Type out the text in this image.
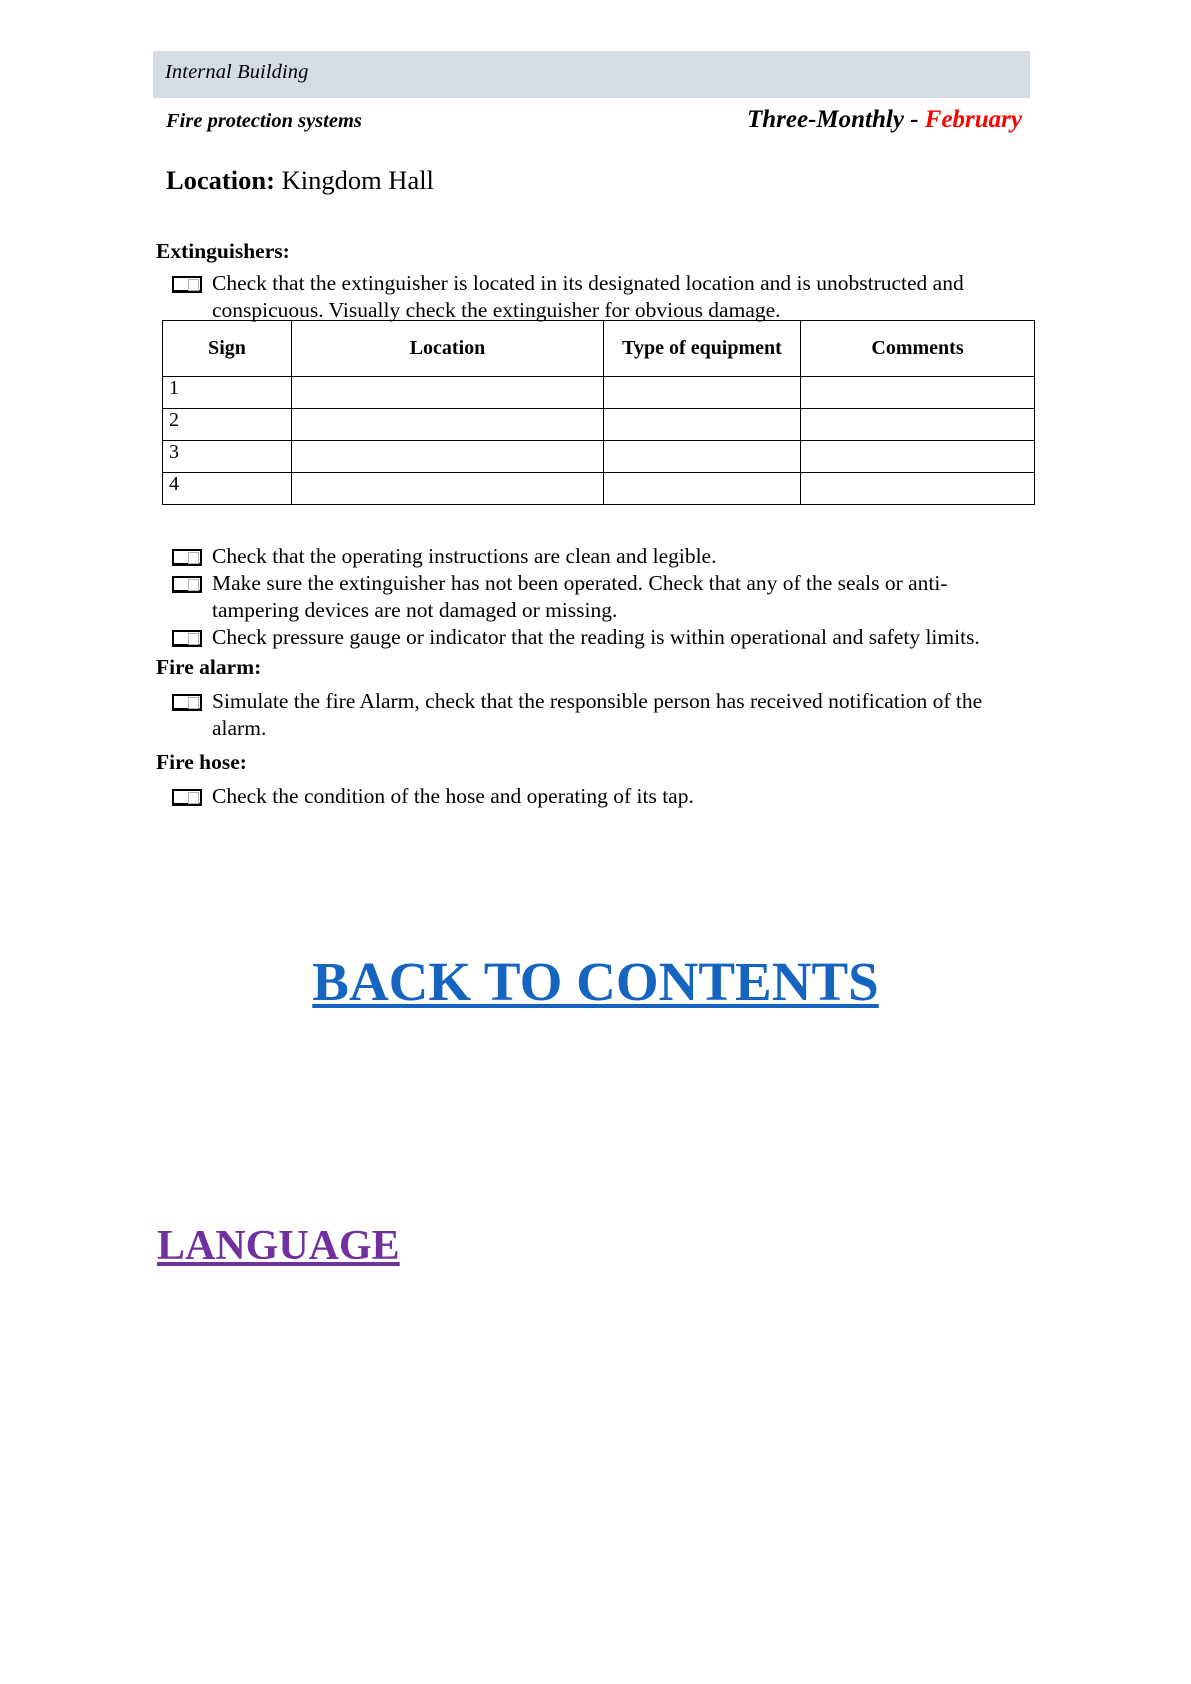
Internal Building
Fire protection systems	Three-Monthly - February
Location: Kingdom Hall
Extinguishers:
Check that the extinguisher is located in its designated location and is unobstructed and conspicuous. Visually check the extinguisher for obvious damage.
Sign	Location	Type of equipment	Comments
1			
2			
3			
4			
Check that the operating instructions are clean and legible.
Make sure the extinguisher has not been operated. Check that any of the seals or anti-tampering devices are not damaged or missing.
Check pressure gauge or indicator that the reading is within operational and safety limits.
Fire alarm:
Simulate the fire Alarm, check that the responsible person has received notification of the alarm.
Fire hose:
Check the condition of the hose and operating of its tap.
BACK TO CONTENTS
LANGUAGE
